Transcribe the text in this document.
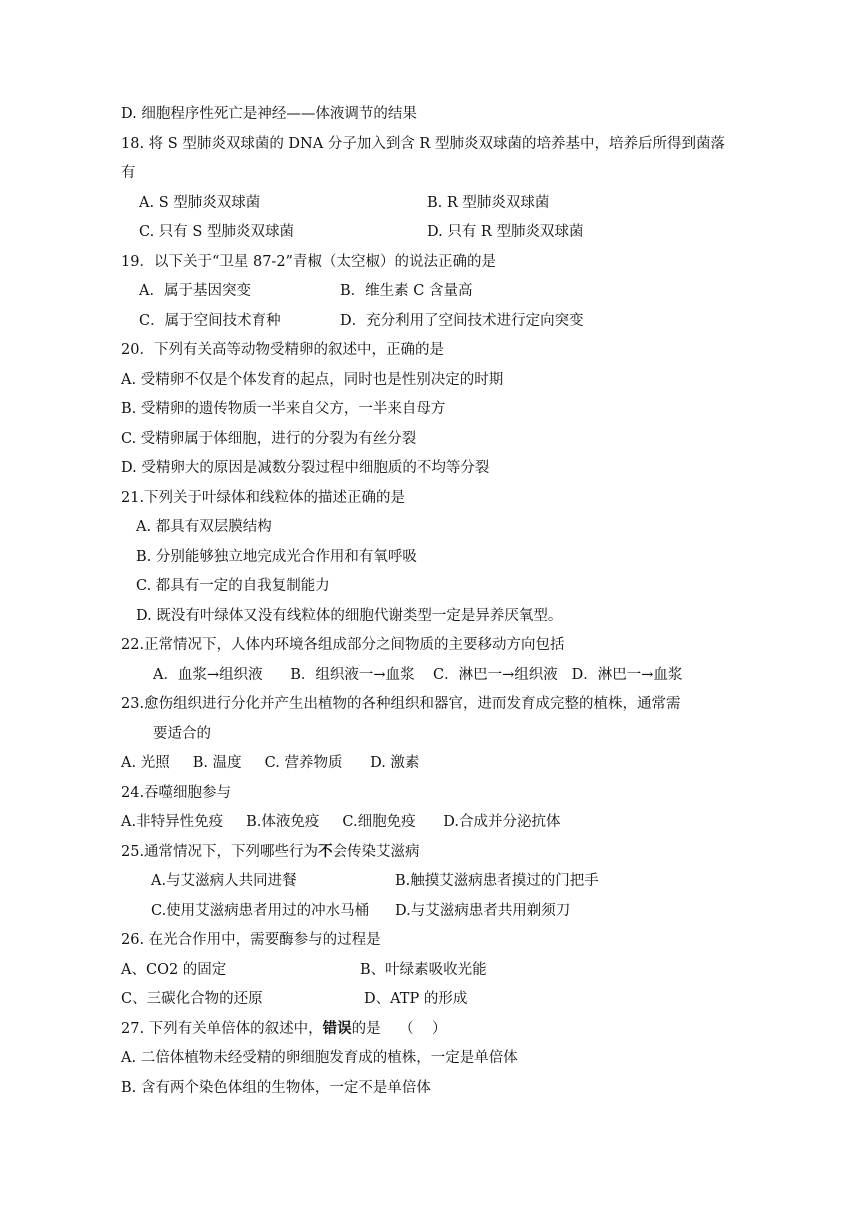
D. 细胞程序性死亡是神经——体液调节的结果
18. 将 S 型肺炎双球菌的 DNA 分子加入到含 R 型肺炎双球菌的培养基中，培养后所得到菌落
有
A. S 型肺炎双球菌	B. R 型肺炎双球菌
C. 只有 S 型肺炎双球菌	D. 只有 R 型肺炎双球菌
19．以下关于“卫星 87-2”青椒（太空椒）的说法正确的是
A．属于基因突变	B．维生素 C 含量高
C．属于空间技术育种	D．充分利用了空间技术进行定向突变
20．下列有关高等动物受精卵的叙述中，正确的是
A. 受精卵不仅是个体发育的起点，同时也是性别决定的时期
B. 受精卵的遗传物质一半来自父方，一半来自母方
C. 受精卵属于体细胞，进行的分裂为有丝分裂
D. 受精卵大的原因是减数分裂过程中细胞质的不均等分裂
21.下列关于叶绿体和线粒体的描述正确的是
A. 都具有双层膜结构
B. 分别能够独立地完成光合作用和有氧呼吸
C. 都具有一定的自我复制能力
D. 既没有叶绿体又没有线粒体的细胞代谢类型一定是异养厌氧型。
22.正常情况下，人体内环境各组成部分之间物质的主要移动方向包括
A．血浆→组织液      B．组织液一→血浆    C．淋巴一→组织液   D．淋巴一→血浆
23.愈伤组织进行分化并产生出植物的各种组织和器官，进而发育成完整的植株，通常需
要适合的
A. 光照     B. 温度     C. 营养物质      D. 激素
24.吞噬细胞参与
A.非特异性免疫     B.体液免疫     C.细胞免疫      D.合成并分泌抗体
25.通常情况下，下列哪些行为不会传染艾滋病
A.与艾滋病人共同进餐	B.触摸艾滋病患者摸过的门把手
C.使用艾滋病患者用过的冲水马桶 D.与艾滋病患者共用剃须刀
26. 在光合作用中，需要酶参与的过程是
A、CO2 的固定	B、叶绿素吸收光能
C、三碳化合物的还原	D、ATP 的形成
27. 下列有关单倍体的叙述中，错误的是    （    ）
A. 二倍体植物未经受精的卵细胞发育成的植株，一定是单倍体
B. 含有两个染色体组的生物体，一定不是单倍体
